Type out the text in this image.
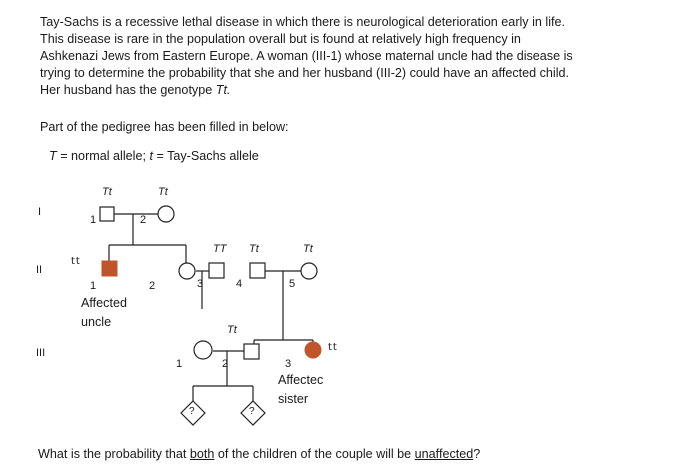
Tay-Sachs is a recessive lethal disease in which there is neurological deterioration early in life.
This disease is rare in the population overall but is found at relatively high frequency in
Ashkenazi Jews from Eastern Europe. A woman (III-1) whose maternal uncle had the disease is
trying to determine the probability that she and her husband (III-2) could have an affected child.
Her husband has the genotype Tt.
Part of the pedigree has been filled in below:
T = normal allele; t = Tay-Sachs allele
I
II
III
Tt	Tt
1	2
tt
TT Tt	Tt
1	2	3	4	5
Affected
uncle
Tt
tt
1	2	3
Affectec
sister
?	?
What is the probability that both of the children of the couple will be unaffected?
